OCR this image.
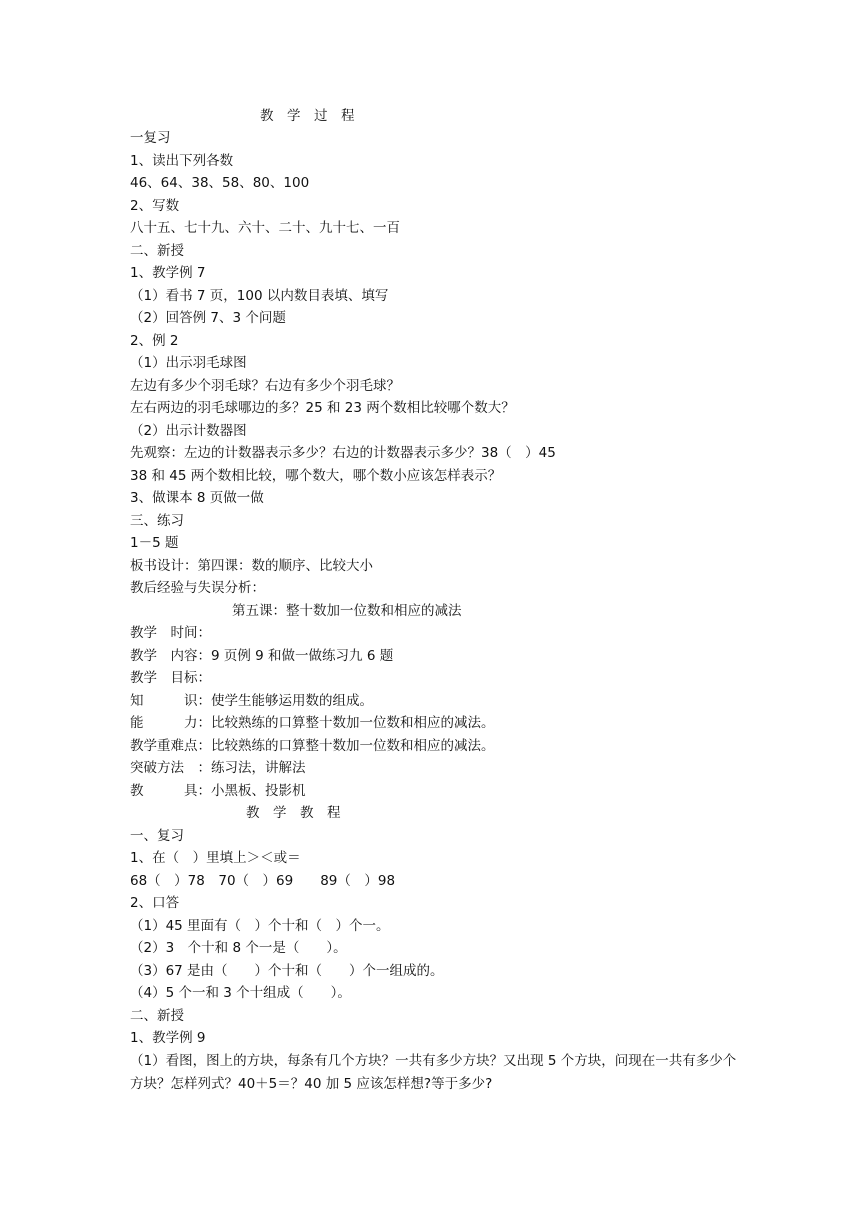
教　学　过　程
一复习
1、读出下列各数
46、64、38、58、80、100
2、写数
八十五、七十九、六十、二十、九十七、一百
二、新授
1、教学例 7
（1）看书 7 页，100 以内数目表填、填写
（2）回答例 7、3 个问题
2、例 2
（1）出示羽毛球图
左边有多少个羽毛球？右边有多少个羽毛球？
左右两边的羽毛球哪边的多？25 和 23 两个数相比较哪个数大？
（2）出示计数器图
先观察：左边的计数器表示多少？右边的计数器表示多少？38（　）45
38 和 45 两个数相比较，哪个数大，哪个数小应该怎样表示？
3、做课本 8 页做一做
三、练习
1－5 题
板书设计：第四课：数的顺序、比较大小
教后经验与失误分析：
第五课：整十数加一位数和相应的减法
教学　时间：
教学　内容：9 页例 9 和做一做练习九 6 题
教学　目标：
知　　　识：使学生能够运用数的组成。
能　　　力：比较熟练的口算整十数加一位数和相应的减法。
教学重难点：比较熟练的口算整十数加一位数和相应的减法。
突破方法　：练习法，讲解法
教　　　具：小黑板、投影机
教　学　教　程
一、复习
1、在（　）里填上＞＜或＝
68（　）78　70（　）69　　89（　）98
2、口答
（1）45 里面有（　）个十和（　）个一。
（2）3　个十和 8 个一是（　　）。
（3）67 是由（　　）个十和（　　）个一组成的。
（4）5 个一和 3 个十组成（　　）。
二、新授
1、教学例 9
（1）看图，图上的方块，每条有几个方块？一共有多少方块？又出现 5 个方块，问现在一共有多少个方块？怎样列式？40＋5＝？40 加 5 应该怎样想?等于多少?
